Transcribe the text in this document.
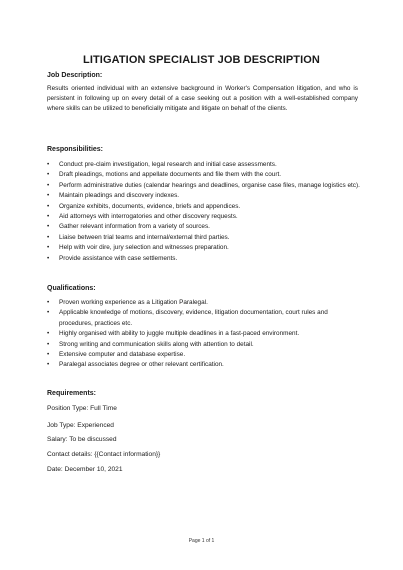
LITIGATION SPECIALIST JOB DESCRIPTION
Job Description:
Results oriented individual with an extensive background in Worker's Compensation litigation, and who is persistent in following up on every detail of a case seeking out a position with a well-established company where skills can be utilized to beneficially mitigate and litigate on behalf of the clients.
Responsibilities:
• Conduct pre-claim investigation, legal research and initial case assessments.
• Draft pleadings, motions and appellate documents and file them with the court.
• Perform administrative duties (calendar hearings and deadlines, organise case files, manage logistics etc).
• Maintain pleadings and discovery indexes.
• Organize exhibits, documents, evidence, briefs and appendices.
• Aid attorneys with interrogatories and other discovery requests.
• Gather relevant information from a variety of sources.
• Liaise between trial teams and internal/external third parties.
• Help with voir dire, jury selection and witnesses preparation.
• Provide assistance with case settlements.
Qualifications:
• Proven working experience as a Litigation Paralegal.
• Applicable knowledge of motions, discovery, evidence, litigation documentation, court rules and procedures, practices etc.
• Highly organised with ability to juggle multiple deadlines in a fast-paced environment.
• Strong writing and communication skills along with attention to detail.
• Extensive computer and database expertise.
• Paralegal associates degree or other relevant certification.
Requirements:
Position Type: Full Time
Job Type: Experienced
Salary: To be discussed
Contact details: {{Contact information}}
Date: December 10, 2021
Page 1 of 1
